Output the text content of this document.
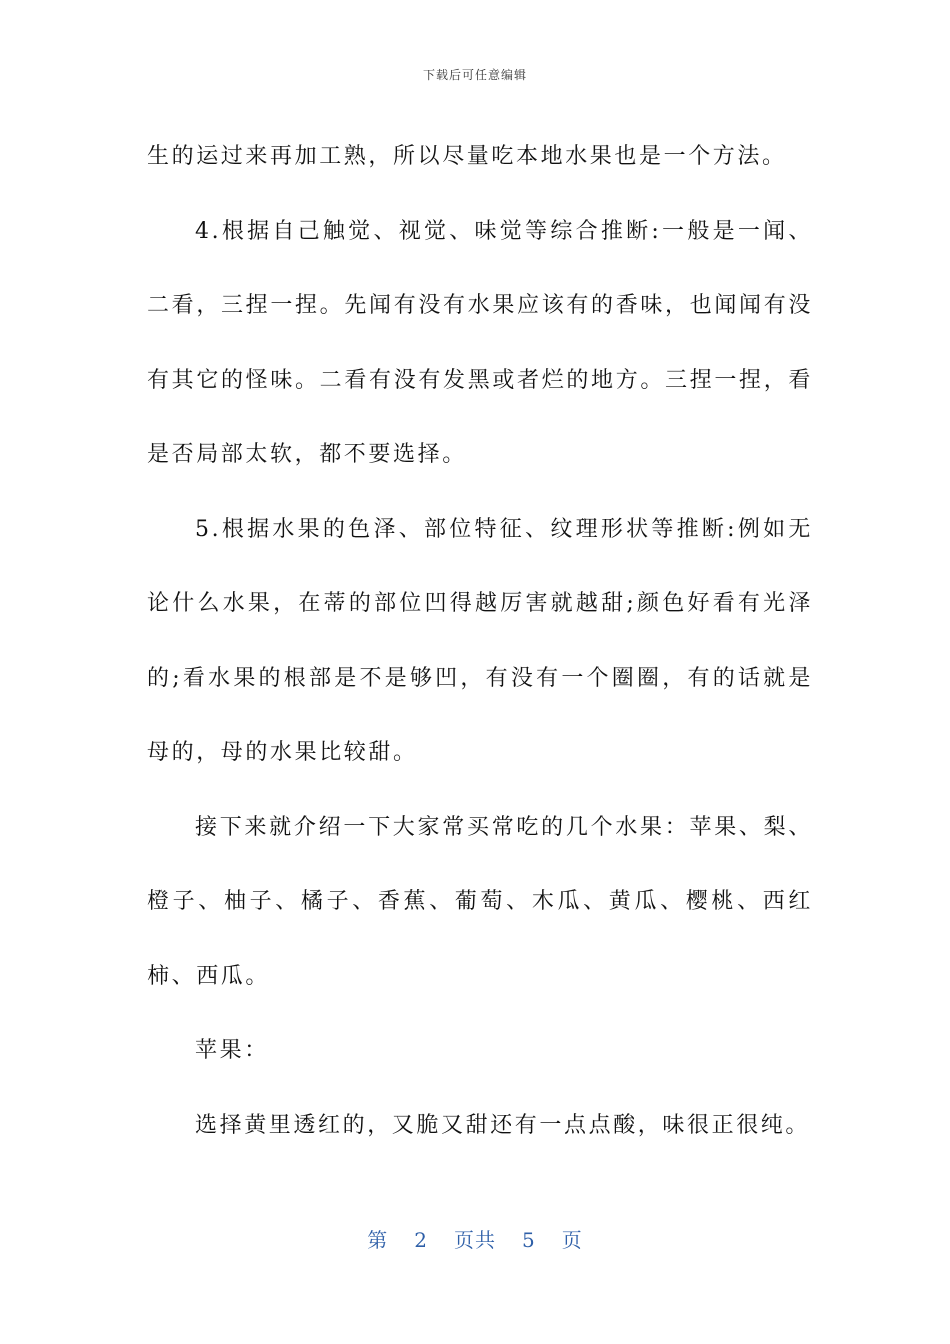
下载后可任意编辑

生的运过来再加工熟，所以尽量吃本地水果也是一个方法。

4.根据自己触觉、视觉、味觉等综合推断:一般是一闻、二看，三捏一捏。先闻有没有水果应该有的香味，也闻闻有没有其它的怪味。二看有没有发黑或者烂的地方。三捏一捏，看是否局部太软，都不要选择。

5.根据水果的色泽、部位特征、纹理形状等推断:例如无论什么水果，在蒂的部位凹得越厉害就越甜;颜色好看有光泽的;看水果的根部是不是够凹，有没有一个圈圈，有的话就是母的，母的水果比较甜。

接下来就介绍一下大家常买常吃的几个水果：苹果、梨、橙子、柚子、橘子、香蕉、葡萄、木瓜、黄瓜、樱桃、西红柿、西瓜。

苹果：

选择黄里透红的，又脆又甜还有一点点酸，味很正很纯。

第 2 页共 5 页
